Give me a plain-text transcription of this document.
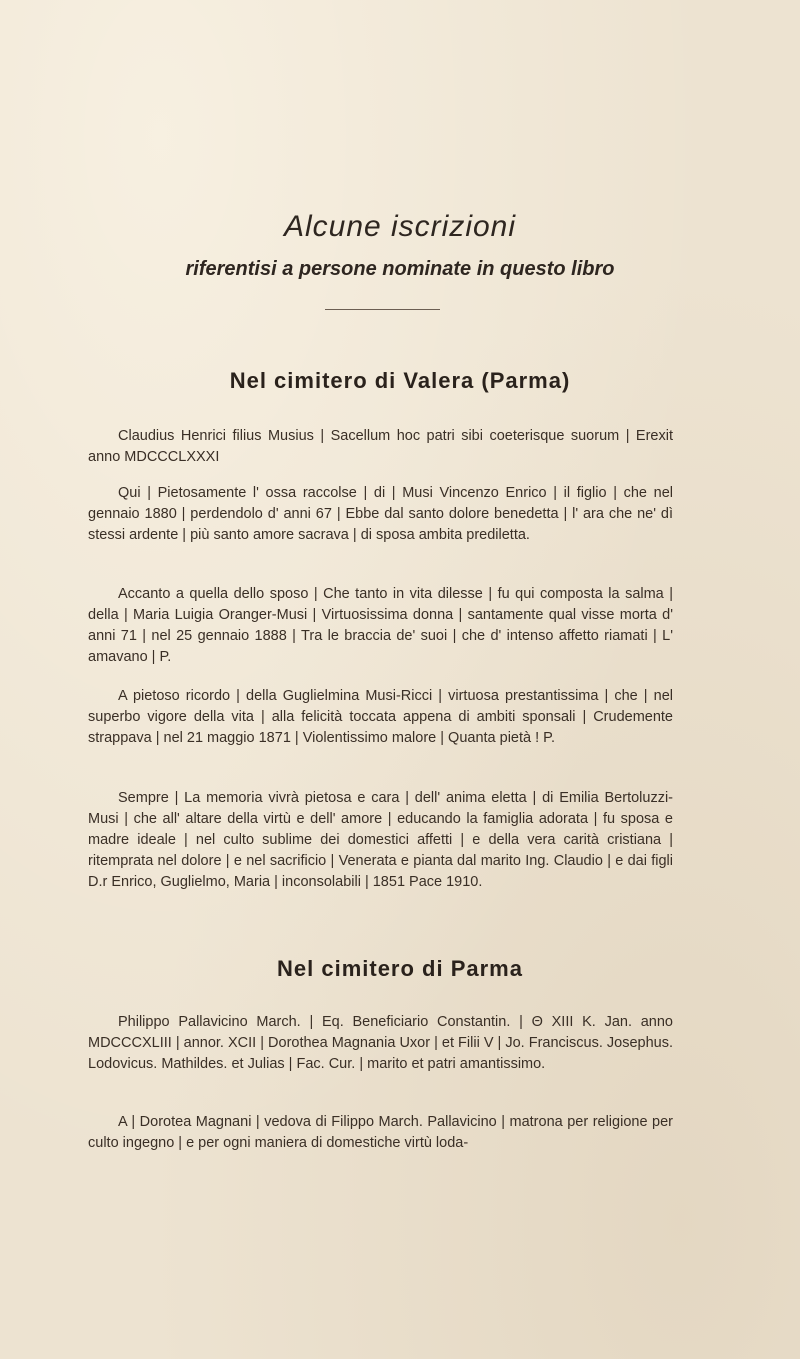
Alcune iscrizioni
riferentisi a persone nominate in questo libro
Nel cimitero di Valera (Parma)

Claudius Henrici filius Musius | Sacellum hoc patri sibi coeterisque suorum | Erexit anno MDCCCLXXXI

Qui | Pietosamente l' ossa raccolse | di | Musi Vincenzo Enrico | il figlio | che nel gennaio 1880 | perdendolo d' anni 67 | Ebbe dal santo dolore benedetta | l' ara che ne' dì stessi ardente | più santo amore sacrava | di sposa ambita prediletta.

Accanto a quella dello sposo | Che tanto in vita dilesse | fu qui composta la salma | della | Maria Luigia Oranger-Musi | Virtuosissima donna | santamente qual visse morta d' anni 71 | nel 25 gennaio 1888 | Tra le braccia de' suoi | che d' intenso affetto riamati | L' amavano | P.

A pietoso ricordo | della Guglielmina Musi-Ricci | virtuosa prestantissima | che | nel superbo vigore della vita | alla felicità toccata appena di ambiti sponsali | Crudemente strappava | nel 21 maggio 1871 | Violentissimo malore | Quanta pietà ! P.

Sempre | La memoria vivrà pietosa e cara | dell' anima eletta | di Emilia Bertoluzzi-Musi | che all' altare della virtù e dell' amore | educando la famiglia adorata | fu sposa e madre ideale | nel culto sublime dei domestici affetti | e della vera carità cristiana | ritemprata nel dolore | e nel sacrificio | Venerata e pianta dal marito Ing. Claudio | e dai figli D.r Enrico, Guglielmo, Maria | inconsolabili | 1851 Pace 1910.

Nel cimitero di Parma

Philippo Pallavicino March. | Eq. Beneficiario Constantin. | Θ XIII K. Jan. anno MDCCCXLIII | annor. XCII | Dorothea Magnania Uxor | et Filii V | Jo. Franciscus. Josephus. Lodovicus. Mathildes. et Julias | Fac. Cur. | marito et patri amantissimo.

A | Dorotea Magnani | vedova di Filippo March. Pallavicino | matrona per religione per culto ingegno | e per ogni maniera di domestiche virtù loda-
